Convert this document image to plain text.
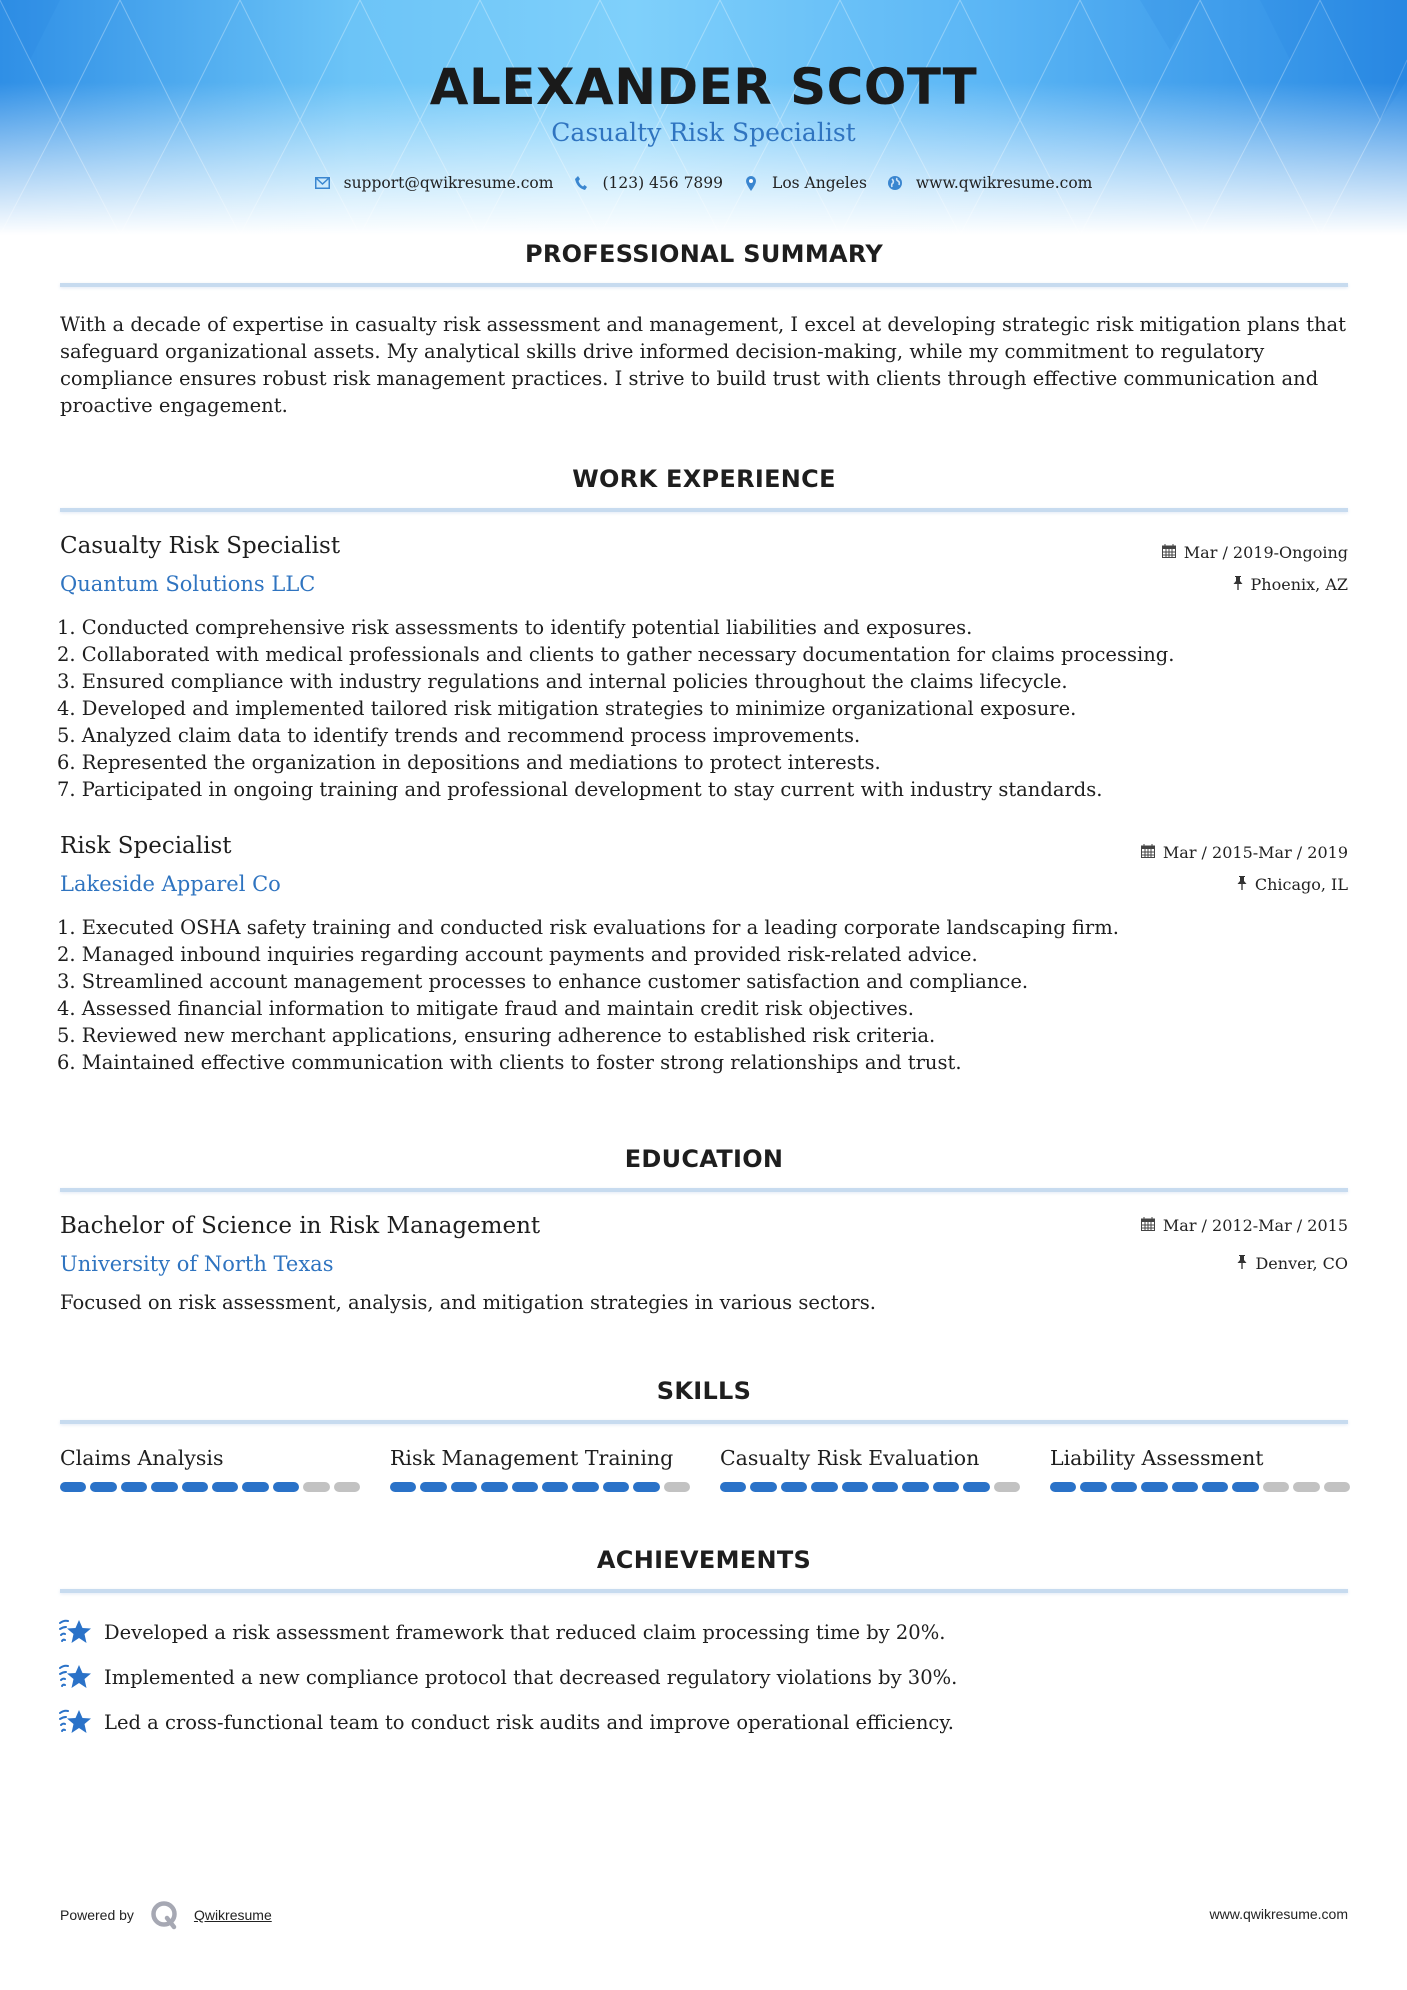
ALEXANDER SCOTT
Casualty Risk Specialist
support@qwikresume.com	(123) 456 7899	Los Angeles	www.qwikresume.com
PROFESSIONAL SUMMARY
With a decade of expertise in casualty risk assessment and management, I excel at developing strategic risk mitigation plans that safeguard organizational assets. My analytical skills drive informed decision-making, while my commitment to regulatory compliance ensures robust risk management practices. I strive to build trust with clients through effective communication and proactive engagement.
WORK EXPERIENCE
Casualty Risk Specialist
Quantum Solutions LLC
Mar / 2019-Ongoing
Phoenix, AZ
1. Conducted comprehensive risk assessments to identify potential liabilities and exposures.
2. Collaborated with medical professionals and clients to gather necessary documentation for claims processing.
3. Ensured compliance with industry regulations and internal policies throughout the claims lifecycle.
4. Developed and implemented tailored risk mitigation strategies to minimize organizational exposure.
5. Analyzed claim data to identify trends and recommend process improvements.
6. Represented the organization in depositions and mediations to protect interests.
7. Participated in ongoing training and professional development to stay current with industry standards.
Risk Specialist
Lakeside Apparel Co
Mar / 2015-Mar / 2019
Chicago, IL
1. Executed OSHA safety training and conducted risk evaluations for a leading corporate landscaping firm.
2. Managed inbound inquiries regarding account payments and provided risk-related advice.
3. Streamlined account management processes to enhance customer satisfaction and compliance.
4. Assessed financial information to mitigate fraud and maintain credit risk objectives.
5. Reviewed new merchant applications, ensuring adherence to established risk criteria.
6. Maintained effective communication with clients to foster strong relationships and trust.
EDUCATION
Bachelor of Science in Risk Management
University of North Texas
Mar / 2012-Mar / 2015
Denver, CO
Focused on risk assessment, analysis, and mitigation strategies in various sectors.
SKILLS
Claims Analysis	Risk Management Training	Casualty Risk Evaluation	Liability Assessment
ACHIEVEMENTS
Developed a risk assessment framework that reduced claim processing time by 20%.
Implemented a new compliance protocol that decreased regulatory violations by 30%.
Led a cross-functional team to conduct risk audits and improve operational efficiency.
Powered by	Qwikresume	www.qwikresume.com
